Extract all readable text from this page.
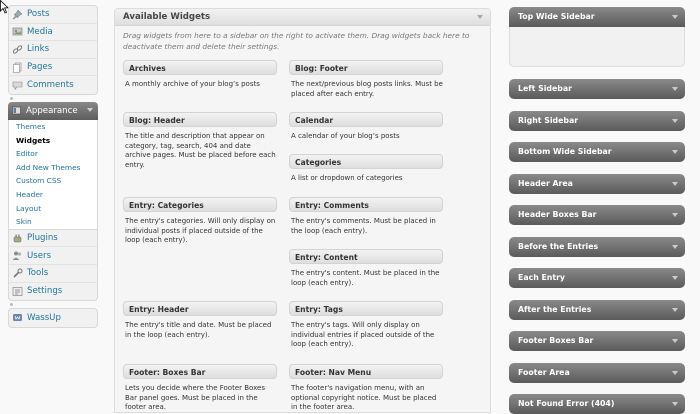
Posts
Media
Links
Pages
Comments
Appearance
Themes
Widgets
Editor
Add New Themes
Custom CSS
Header
Layout
Skin
Plugins
Users
Tools
Settings
WassUp
Available Widgets
Drag widgets from here to a sidebar on the right to activate them. Drag widgets back here to deactivate them and delete their settings.
Archives
A monthly archive of your blog’s posts
Blog: Footer
The next/previous blog posts links. Must be placed after each entry.
Blog: Header
The title and description that appear on category, tag, search, 404 and date archive pages. Must be placed before each entry.
Calendar
A calendar of your blog’s posts
Categories
A list or dropdown of categories
Entry: Categories
The entry's categories. Will only display on individual posts if placed outside of the loop (each entry).
Entry: Comments
The entry's comments. Must be placed in the loop (each entry).
Entry: Content
The entry's content. Must be placed in the loop (each entry).
Entry: Header
The entry's title and date. Must be placed in the loop (each entry).
Entry: Tags
The entry's tags. Will only display on individual entries if placed outside of the loop (each entry).
Footer: Boxes Bar
Lets you decide where the Footer Boxes Bar panel goes. Must be placed in the footer area.
Footer: Nav Menu
The footer's navigation menu, with an optional copyright notice. Must be placed in the footer area.
Top Wide Sidebar
Left Sidebar
Right Sidebar
Bottom Wide Sidebar
Header Area
Header Boxes Bar
Before the Entries
Each Entry
After the Entries
Footer Boxes Bar
Footer Area
Not Found Error (404)
